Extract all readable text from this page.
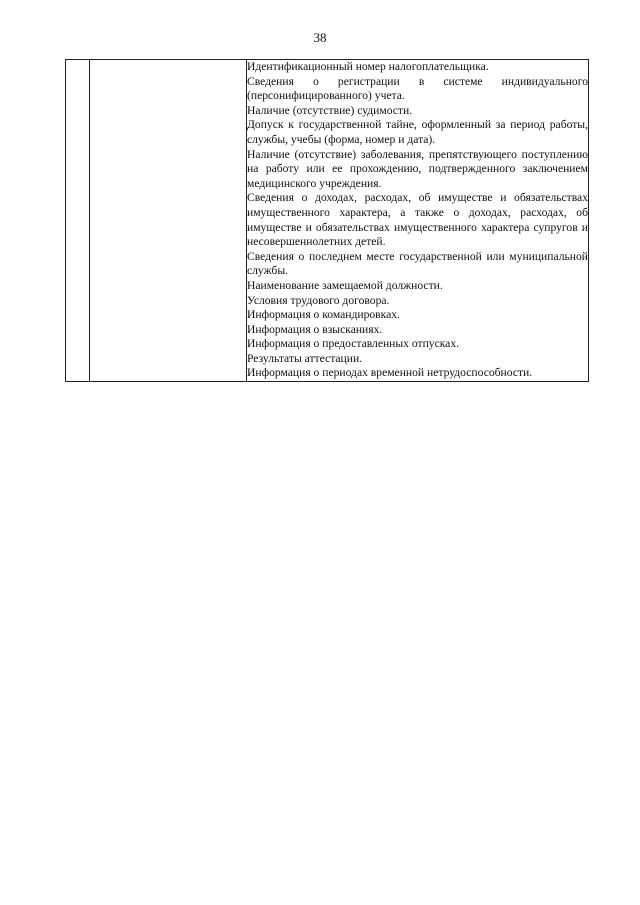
38

Идентификационный номер налогоплательщика.

Сведения о регистрации в системе индивидуального (персонифицированного) учета.

Наличие (отсутствие) судимости.

Допуск к государственной тайне, оформленный за период работы, службы, учебы (форма, номер и дата).

Наличие (отсутствие) заболевания, препятствующего поступлению на работу или ее прохождению, подтвержденного заключением медицинского учреждения.

Сведения о доходах, расходах, об имуществе и обязательствах имущественного характера, а также о доходах, расходах, об имуществе и обязательствах имущественного характера супругов и несовершеннолетних детей.

Сведения о последнем месте государственной или муниципальной службы.

Наименование замещаемой должности.

Условия трудового договора.

Информация о командировках.

Информация о взысканиях.

Информация о предоставленных отпусках.

Результаты аттестации.

Информация о периодах временной нетрудоспособности.
